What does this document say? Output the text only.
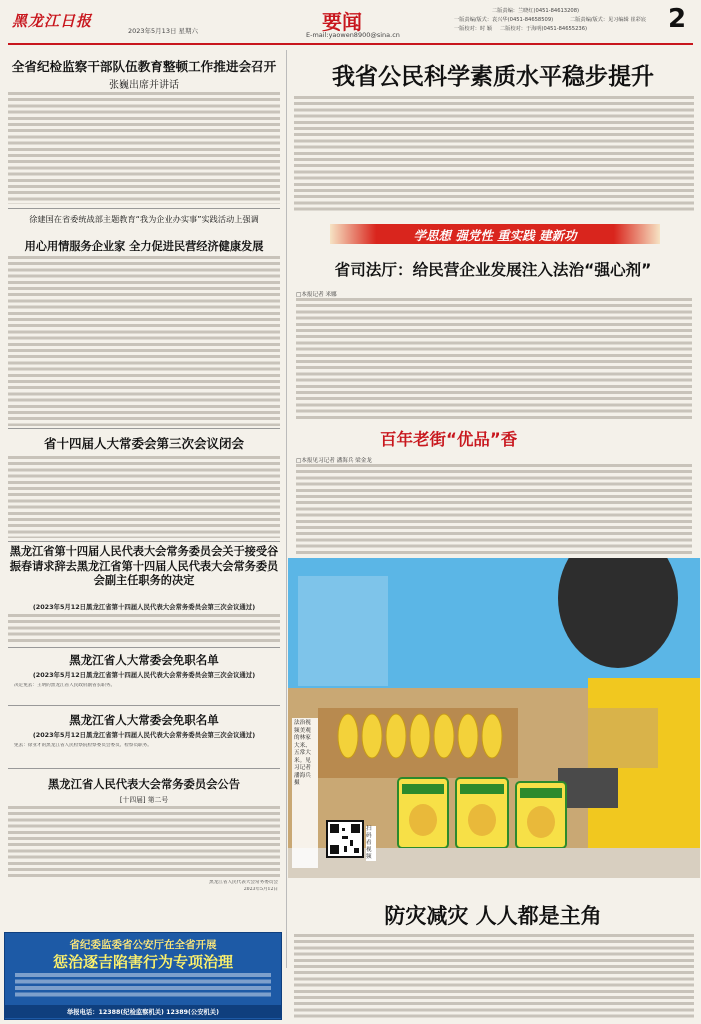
黑龙江日报
2023年5月13日 星期六	要闻
E-mail:yaowen8900@sina.cn
二版责编：兰晓红(0451-84613208)
一版责编/版式：袁兴华(0451-84658509)	二版责编/版式：见习编辑 崔彩宸
一版校对：时 颖 二版校对：于海明(0451-84655236)	2
全省纪检监察干部队伍教育整顿工作推进会召开
张巍出席并讲话
徐建国在省委统战部主题教育“我为企业办实事”实践活动上强调
用心用情服务企业家 全力促进民营经济健康发展
省十四届人大常委会第三次会议闭会
黑龙江省第十四届人民代表大会常务委员会关于接受谷振春请求辞去黑龙江省第十四届人民代表大会常务委员会副主任职务的决定
(2023年5月12日黑龙江省第十四届人民代表大会常务委员会第三次会议通过)
黑龙江省人大常委会免职名单
(2023年5月12日黑龙江省第十四届人民代表大会常务委员会第三次会议通过)
决定免去：王明的黑龙江省人民政府副省长职务。
黑龙江省人大常委会免职名单
(2023年5月12日黑龙江省第十四届人民代表大会常务委员会第三次会议通过)
免去：徐亚才的黑龙江省人民检察院检察委员会委员、检察员职务。
黑龙江省人民代表大会常务委员会公告
[十四届] 第二号
黑龙江省人民代表大会常务委员会
2023年5月12日
省纪委监委省公安厅在全省开展
惩治逐吉陷害行为专项治理
举报电话：12388(纪检监察机关) 12389(公安机关)
我省公民科学素质水平稳步提升
学思想 强党性 重实践 建新功
省司法厅：给民营企业发展注入法治“强心剂”
□本报记者 米娜
百年老街“优品”香
□本报见习记者 潘海兵 梁金龙
法治视频美观的林家大米、五常大米。见习记者潘海兵摄
扫码看视频
防灾减灾 人人都是主角
